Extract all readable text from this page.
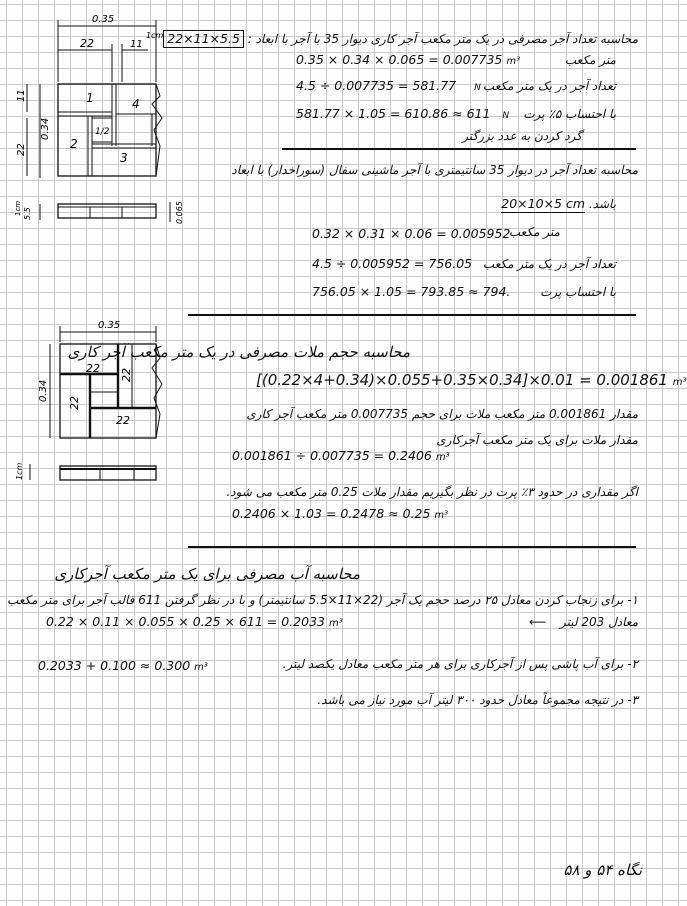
0.35
22	11
1cm
0.34
11
22
1	4
1/2
2
3
0.065
5.5
1cm
0.35
0.34
22 22
22
22
1cm
محاسبه تعداد آجر مصرفی در یک متر مکعب آجر کاری دیوار 35 با آجر با ابعاد : 22×11×5.5
متر مکعب
0.35 × 0.34 × 0.065 = 0.007735 m³
4.5 ÷ 0.007735 = 581.77 N تعداد آجر در یک متر مکعب
581.77 × 1.05 = 610.86 ≈ 611 N با احتساب ۵٪ پرت
گرد کردن به عدد بزرگتر
محاسبه تعداد آجر در دیوار 35 سانتیمتری با آجر ماشینی سفال (سوراخدار) با ابعاد
باشد. 20×10×5 cm
متر مکعب
0.32 × 0.31 × 0.06 = 0.005952
تعداد آجر در یک متر مکعب
4.5 ÷ 0.005952 = 756.05
با احتساب پرت
756.05 × 1.05 = 793.85 ≈ 794.
محاسبه حجم ملات مصرفی در یک متر مکعب آجر کاری
[(0.22×4+0.34)×0.055+0.35×0.34]×0.01 = 0.001861 m³
مقدار 0.001861 متر مکعب ملات برای حجم 0.007735 متر مکعب آجر کاری
مقدار ملات برای یک متر مکعب آجرکاری
0.001861 ÷ 0.007735 = 0.2406 m³
اگر مقداری در حدود ۳٪ پرت در نظر بگیریم مقدار ملات 0.25 متر مکعب می شود.
0.2406 × 1.03 = 0.2478 ≈ 0.25 m³
محاسبه آب مصرفی برای یک متر مکعب آجرکاری
۱- برای زنجاب کردن معادل ۲۵ درصد حجم یک آجر (22×11×5.5 سانتیمتر) و با در نظر گرفتن 611 قالب آجر برای متر مکعب
0.22 × 0.11 × 0.055 × 0.25 × 611 = 0.2033 m³	معادل 203 لیتر ⟵
۲- برای آب پاشی پس از آجرکاری برای هر متر مکعب معادل یکصد لیتر.
0.2033 + 0.100 ≈ 0.300 m³
۳- در نتیجه مجموعاً معادل حدود ۳۰۰ لیتر آب مورد نیاز می باشد.
نگاه ۵۴ و ۵۸
